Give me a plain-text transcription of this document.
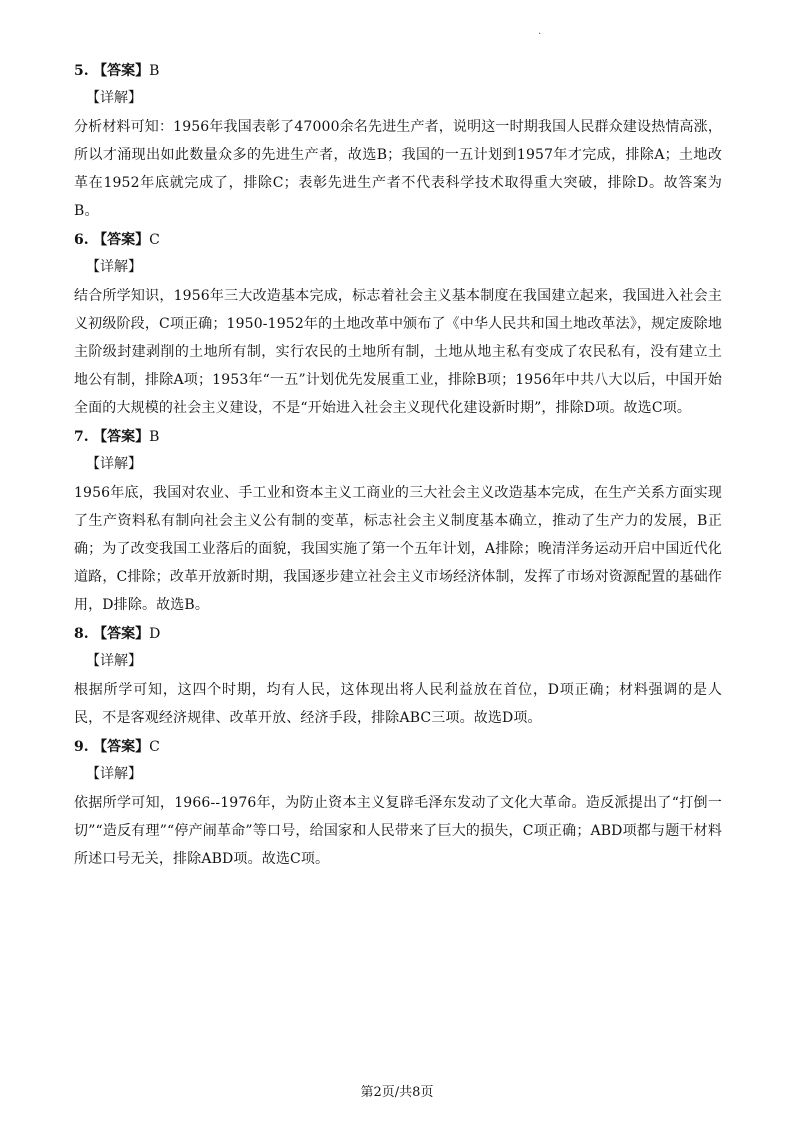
.

5. 【答案】B

【详解】

分析材料可知：1956年我国表彰了47000余名先进生产者，说明这一时期我国人民群众建设热情高涨，所以才涌现出如此数量众多的先进生产者，故选B；我国的一五计划到1957年才完成，排除A；土地改革在1952年底就完成了，排除C；表彰先进生产者不代表科学技术取得重大突破，排除D。故答案为B。

6. 【答案】C

【详解】

结合所学知识，1956年三大改造基本完成，标志着社会主义基本制度在我国建立起来，我国进入社会主义初级阶段，C项正确；1950-1952年的土地改革中颁布了《中华人民共和国土地改革法》，规定废除地主阶级封建剥削的土地所有制，实行农民的土地所有制，土地从地主私有变成了农民私有，没有建立土地公有制，排除A项；1953年“一五”计划优先发展重工业，排除B项；1956年中共八大以后，中国开始全面的大规模的社会主义建设，不是“开始进入社会主义现代化建设新时期”，排除D项。故选C项。

7. 【答案】B

【详解】

1956年底，我国对农业、手工业和资本主义工商业的三大社会主义改造基本完成，在生产关系方面实现了生产资料私有制向社会主义公有制的变革，标志社会主义制度基本确立，推动了生产力的发展，B正确；为了改变我国工业落后的面貌，我国实施了第一个五年计划，A排除；晚清洋务运动开启中国近代化道路，C排除；改革开放新时期，我国逐步建立社会主义市场经济体制，发挥了市场对资源配置的基础作用，D排除。故选B。

8. 【答案】D

【详解】

根据所学可知，这四个时期，均有人民，这体现出将人民利益放在首位，D项正确；材料强调的是人民，不是客观经济规律、改革开放、经济手段，排除ABC三项。故选D项。

9. 【答案】C

【详解】

依据所学可知，1966--1976年，为防止资本主义复辟毛泽东发动了文化大革命。造反派提出了“打倒一切”“造反有理”“停产闹革命”等口号，给国家和人民带来了巨大的损失，C项正确；ABD项都与题干材料所述口号无关，排除ABD项。故选C项。

第2页/共8页
